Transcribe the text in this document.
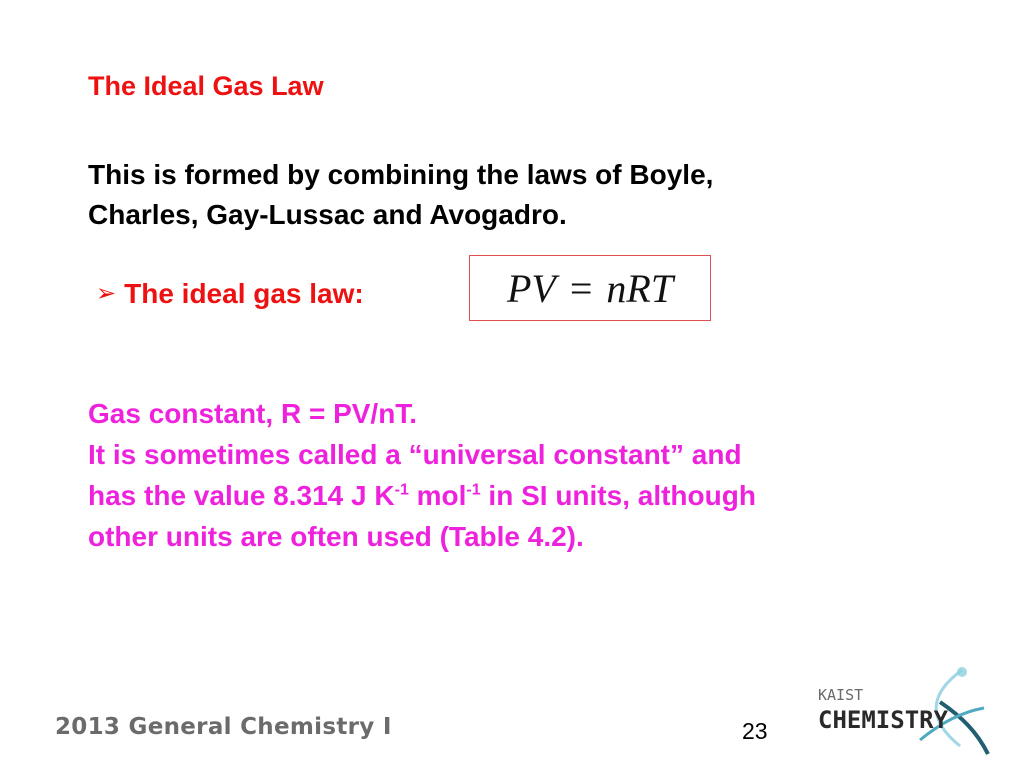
The Ideal Gas Law
This is formed by combining the laws of Boyle,
Charles, Gay-Lussac and Avogadro.
➢ The ideal gas law:	P V = n R T
Gas constant, R = PV/nT.
It is sometimes called a “universal constant” and
has the value 8.314 J $K^{-1}$ mol$^{-1}$ in SI units, although
other units are often used (Table 4.2).
2013 General Chemistry I	23
KAIST
CHEMISTRY
